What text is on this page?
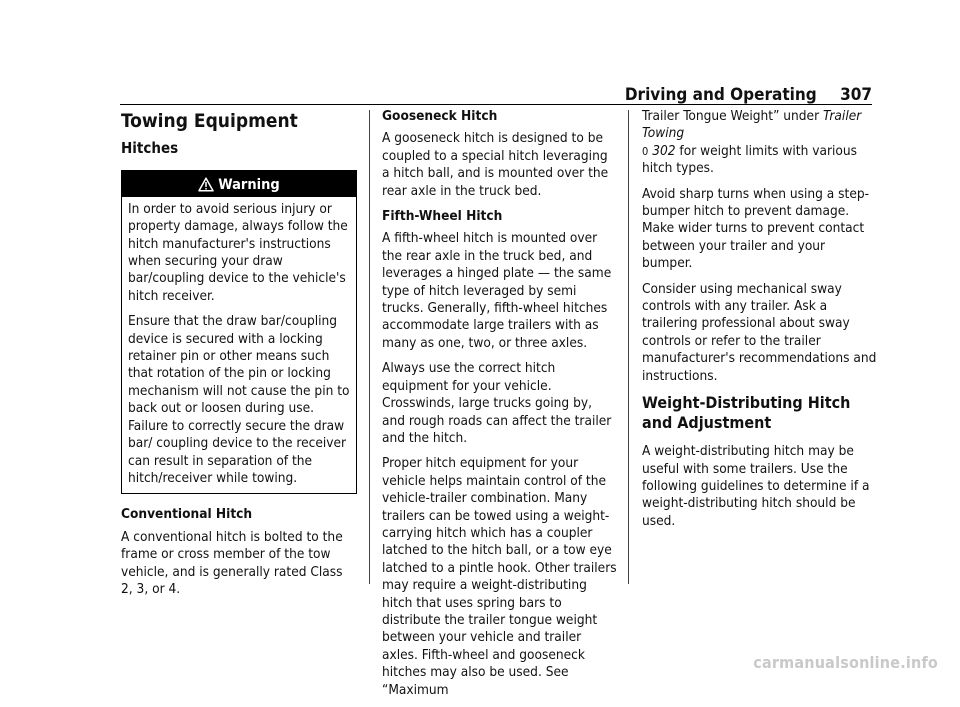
Driving and Operating 307
Towing Equipment
Hitches
Warning

In order to avoid serious injury or property damage, always follow the hitch manufacturer's instructions when securing your draw bar/coupling device to the vehicle's hitch receiver.

Ensure that the draw bar/coupling device is secured with a locking retainer pin or other means such that rotation of the pin or locking mechanism will not cause the pin to back out or loosen during use. Failure to correctly secure the draw bar/ coupling device to the receiver can result in separation of the hitch/receiver while towing.

Conventional Hitch

A conventional hitch is bolted to the frame or cross member of the tow vehicle, and is generally rated Class 2, 3, or 4.

Gooseneck Hitch

A gooseneck hitch is designed to be coupled to a special hitch leveraging a hitch ball, and is mounted over the rear axle in the truck bed.

Fifth-Wheel Hitch

A fifth-wheel hitch is mounted over the rear axle in the truck bed, and leverages a hinged plate — the same type of hitch leveraged by semi trucks. Generally, fifth-wheel hitches accommodate large trailers with as many as one, two, or three axles.

Always use the correct hitch equipment for your vehicle. Crosswinds, large trucks going by, and rough roads can affect the trailer and the hitch.

Proper hitch equipment for your vehicle helps maintain control of the vehicle-trailer combination. Many trailers can be towed using a weight-carrying hitch which has a coupler latched to the hitch ball, or a tow eye latched to a pintle hook. Other trailers may require a weight-distributing hitch that uses spring bars to distribute the trailer tongue weight between your vehicle and trailer axles. Fifth-wheel and gooseneck hitches may also be used. See “Maximum

Trailer Tongue Weight” under Trailer Towing
0 302 for weight limits with various hitch types.

Avoid sharp turns when using a step-bumper hitch to prevent damage. Make wider turns to prevent contact between your trailer and your bumper.

Consider using mechanical sway controls with any trailer. Ask a trailering professional about sway controls or refer to the trailer manufacturer's recommendations and instructions.

Weight-Distributing Hitch and Adjustment

A weight-distributing hitch may be useful with some trailers. Use the following guidelines to determine if a weight-distributing hitch should be used.

carmanualsonline.info
